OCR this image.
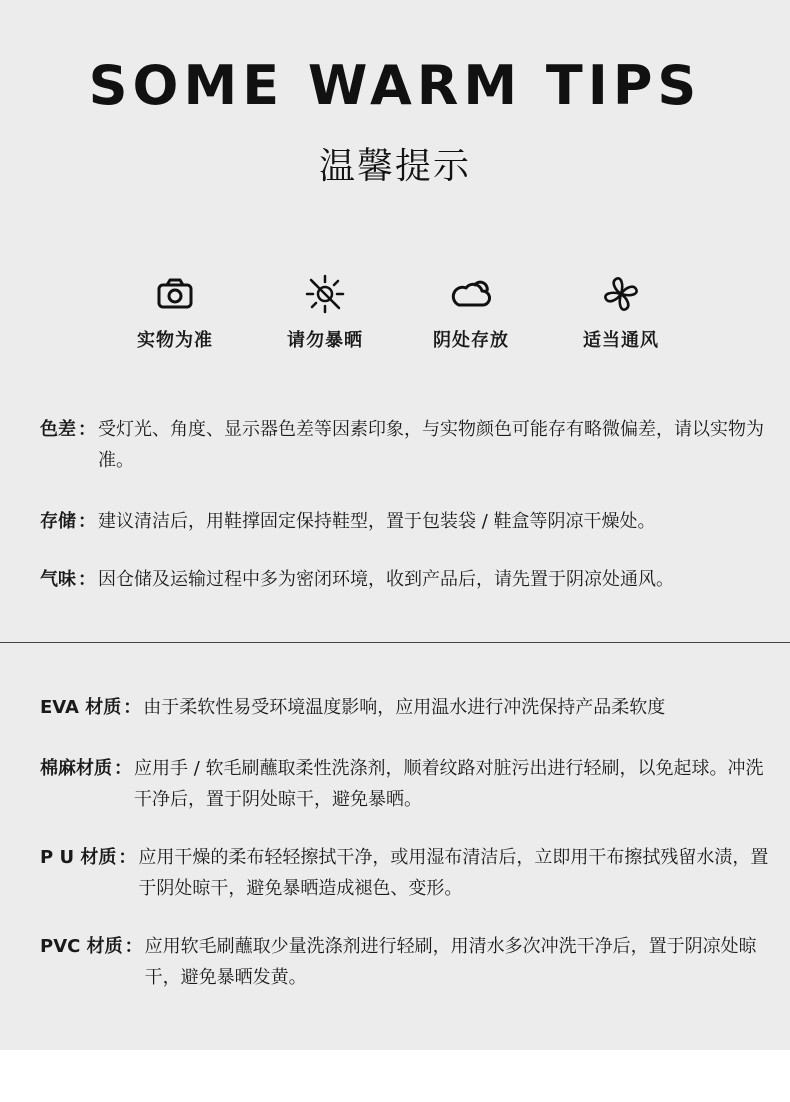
SOME WARM TIPS
温馨提示
实物为准	请勿暴晒	阴处存放	适当通风
色差 ： 受灯光、角度、显示器色差等因素印象，与实物颜色可能存有略微偏差，请以实物为准。
存储 ： 建议清洁后，用鞋撑固定保持鞋型，置于包装袋 / 鞋盒等阴凉干燥处。
气味 ： 因仓储及运输过程中多为密闭环境，收到产品后，请先置于阴凉处通风。
EVA 材质 ： 由于柔软性易受环境温度影响，应用温水进行冲洗保持产品柔软度
棉麻材质 ： 应用手 / 软毛刷蘸取柔性洗涤剂，顺着纹路对脏污出进行轻刷，以免起球。冲洗干净后，置于阴处晾干，避免暴晒。
P U 材质 ： 应用干燥的柔布轻轻擦拭干净，或用湿布清洁后，立即用干布擦拭残留水渍，置于阴处晾干，避免暴晒造成褪色、变形。
PVC 材质 ： 应用软毛刷蘸取少量洗涤剂进行轻刷，用清水多次冲洗干净后，置于阴凉处晾干，避免暴晒发黄。
